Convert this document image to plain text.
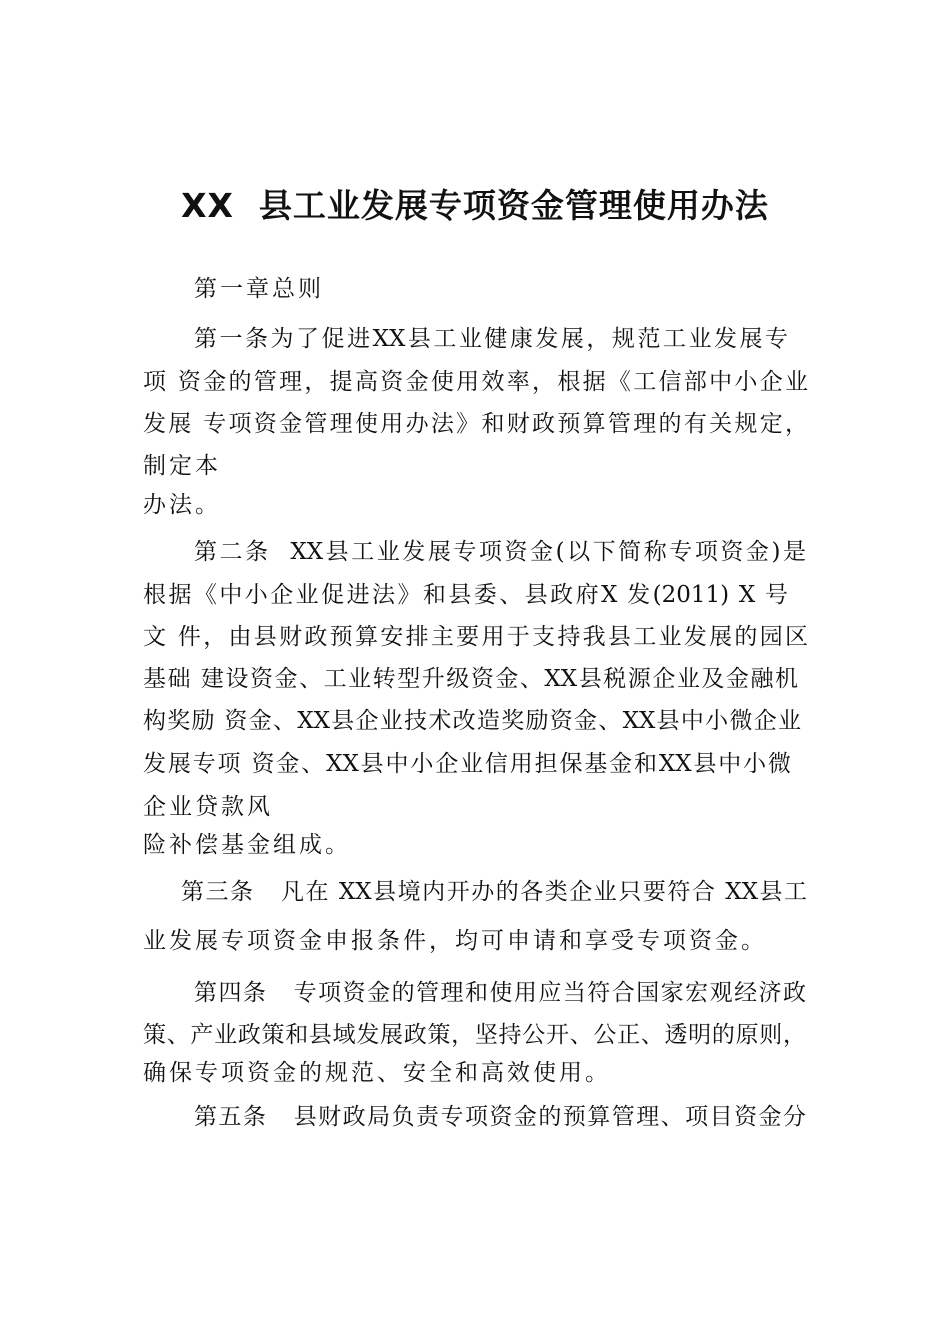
XX  县工业发展专项资金管理使用办法
第一章总则
第一条为了促进XX县工业健康发展，规范工业发展专
项 资金的管理，提高资金使用效率，根据《工信部中小企业
发展 专项资金管理使用办法》和财政预算管理的有关规定，
制定本
办法。
第二条  XX县工业发展专项资金(以下简称专项资金)是
根据《中小企业促进法》和县委、县政府X 发(2011) X 号
文 件，由县财政预算安排主要用于支持我县工业发展的园区
基础 建设资金、工业转型升级资金、XX县税源企业及金融机
构奖励 资金、XX县企业技术改造奖励资金、XX县中小微企业
发展专项 资金、XX县中小企业信用担保基金和XX县中小微
企业贷款风
险补偿基金组成。
第三条   凡在 XX县境内开办的各类企业只要符合 XX县工
业发展专项资金申报条件，均可申请和享受专项资金。
第四条   专项资金的管理和使用应当符合国家宏观经济政
策、产业政策和县域发展政策，坚持公开、公正、透明的原则，
确保专项资金的规范、安全和高效使用。
第五条   县财政局负责专项资金的预算管理、项目资金分
